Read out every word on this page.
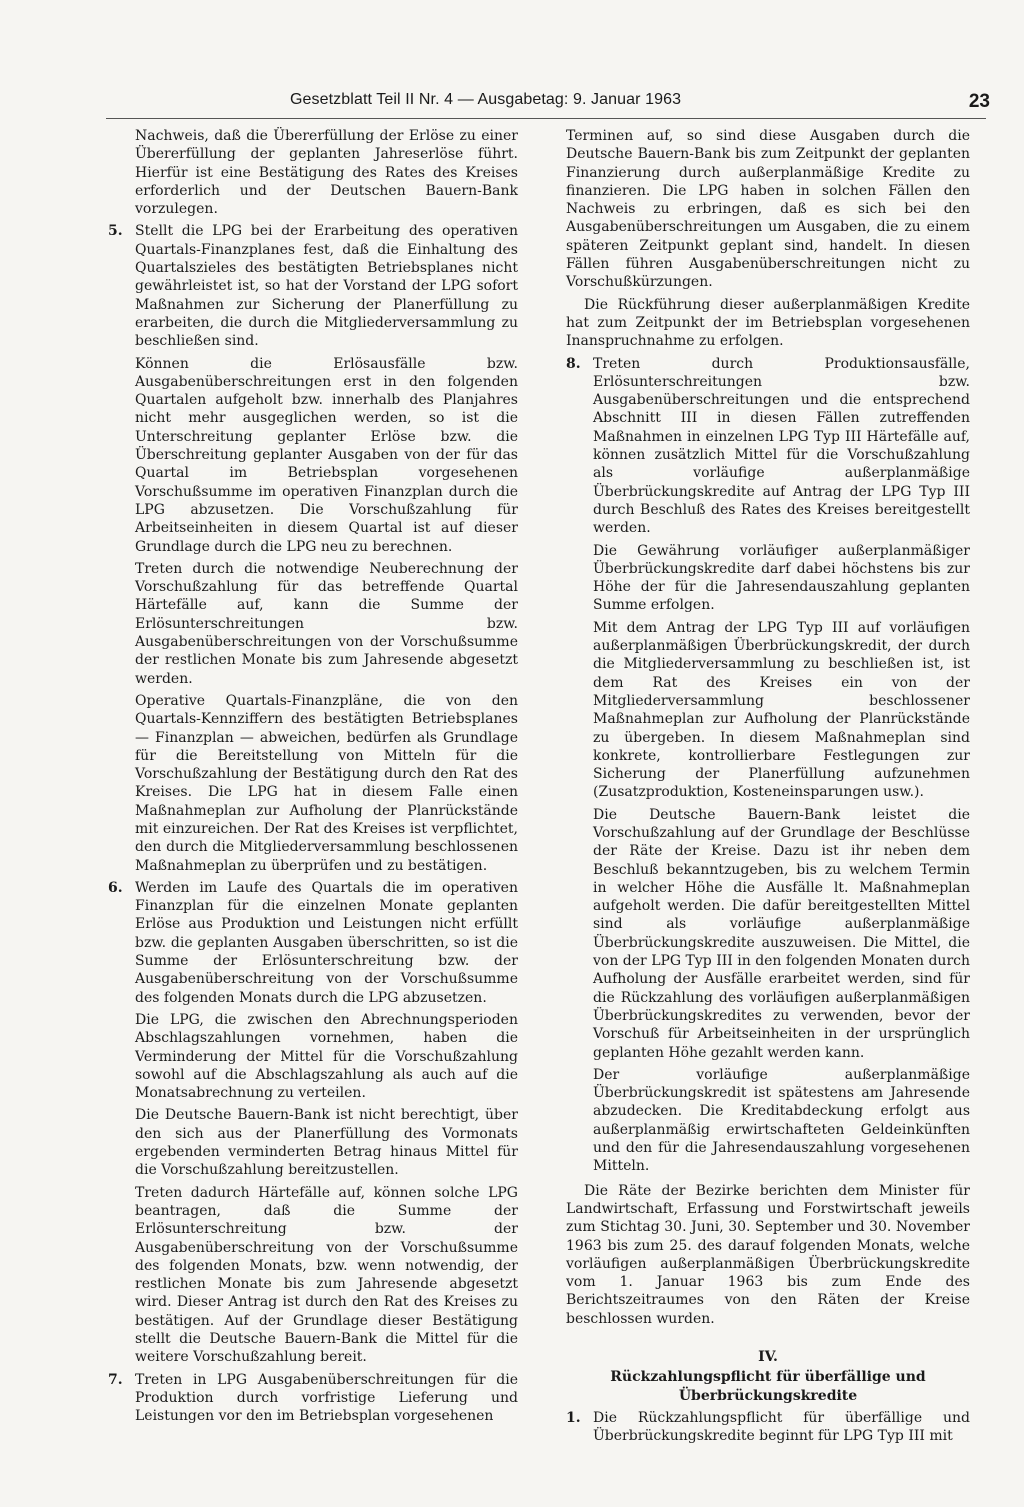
Gesetzblatt Teil II Nr. 4 — Ausgabetag: 9. Januar 1963	23

Nachweis, daß die Übererfüllung der Erlöse zu einer Übererfüllung der geplanten Jahreserlöse führt. Hierfür ist eine Bestätigung des Rates des Kreises erforderlich und der Deutschen Bauern-Bank vorzulegen.

5. Stellt die LPG bei der Erarbeitung des operativen Quartals-Finanzplanes fest, daß die Einhaltung des Quartalszieles des bestätigten Betriebsplanes nicht gewährleistet ist, so hat der Vorstand der LPG sofort Maßnahmen zur Sicherung der Planerfüllung zu erarbeiten, die durch die Mitgliederversammlung zu beschließen sind.

Können die Erlösausfälle bzw. Ausgabenüberschreitungen erst in den folgenden Quartalen aufgeholt bzw. innerhalb des Planjahres nicht mehr ausgeglichen werden, so ist die Unterschreitung geplanter Erlöse bzw. die Überschreitung geplanter Ausgaben von der für das Quartal im Betriebsplan vorgesehenen Vorschußsumme im operativen Finanzplan durch die LPG abzusetzen. Die Vorschußzahlung für Arbeitseinheiten in diesem Quartal ist auf dieser Grundlage durch die LPG neu zu berechnen.

Treten durch die notwendige Neuberechnung der Vorschußzahlung für das betreffende Quartal Härtefälle auf, kann die Summe der Erlösunterschreitungen bzw. Ausgabenüberschreitungen von der Vorschußsumme der restlichen Monate bis zum Jahresende abgesetzt werden.

Operative Quartals-Finanzpläne, die von den Quartals-Kennziffern des bestätigten Betriebsplanes — Finanzplan — abweichen, bedürfen als Grundlage für die Bereitstellung von Mitteln für die Vorschußzahlung der Bestätigung durch den Rat des Kreises. Die LPG hat in diesem Falle einen Maßnahmeplan zur Aufholung der Planrückstände mit einzureichen. Der Rat des Kreises ist verpflichtet, den durch die Mitgliederversammlung beschlossenen Maßnahmeplan zu überprüfen und zu bestätigen.

6. Werden im Laufe des Quartals die im operativen Finanzplan für die einzelnen Monate geplanten Erlöse aus Produktion und Leistungen nicht erfüllt bzw. die geplanten Ausgaben überschritten, so ist die Summe der Erlösunterschreitung bzw. der Ausgabenüberschreitung von der Vorschußsumme des folgenden Monats durch die LPG abzusetzen.

Die LPG, die zwischen den Abrechnungsperioden Abschlagszahlungen vornehmen, haben die Verminderung der Mittel für die Vorschußzahlung sowohl auf die Abschlagszahlung als auch auf die Monatsabrechnung zu verteilen.

Die Deutsche Bauern-Bank ist nicht berechtigt, über den sich aus der Planerfüllung des Vormonats ergebenden verminderten Betrag hinaus Mittel für die Vorschußzahlung bereitzustellen.

Treten dadurch Härtefälle auf, können solche LPG beantragen, daß die Summe der Erlösunterschreitung bzw. der Ausgabenüberschreitung von der Vorschußsumme des folgenden Monats, bzw. wenn notwendig, der restlichen Monate bis zum Jahresende abgesetzt wird. Dieser Antrag ist durch den Rat des Kreises zu bestätigen. Auf der Grundlage dieser Bestätigung stellt die Deutsche Bauern-Bank die Mittel für die weitere Vorschußzahlung bereit.

7. Treten in LPG Ausgabenüberschreitungen für die Produktion durch vorfristige Lieferung und Leistungen vor den im Betriebsplan vorgesehenen

Terminen auf, so sind diese Ausgaben durch die Deutsche Bauern-Bank bis zum Zeitpunkt der geplanten Finanzierung durch außerplanmäßige Kredite zu finanzieren. Die LPG haben in solchen Fällen den Nachweis zu erbringen, daß es sich bei den Ausgabenüberschreitungen um Ausgaben, die zu einem späteren Zeitpunkt geplant sind, handelt. In diesen Fällen führen Ausgabenüberschreitungen nicht zu Vorschußkürzungen.

Die Rückführung dieser außerplanmäßigen Kredite hat zum Zeitpunkt der im Betriebsplan vorgesehenen Inanspruchnahme zu erfolgen.

8. Treten durch Produktionsausfälle, Erlösunterschreitungen bzw. Ausgabenüberschreitungen und die entsprechend Abschnitt III in diesen Fällen zutreffenden Maßnahmen in einzelnen LPG Typ III Härtefälle auf, können zusätzlich Mittel für die Vorschußzahlung als vorläufige außerplanmäßige Überbrückungskredite auf Antrag der LPG Typ III durch Beschluß des Rates des Kreises bereitgestellt werden.

Die Gewährung vorläufiger außerplanmäßiger Überbrückungskredite darf dabei höchstens bis zur Höhe der für die Jahresendauszahlung geplanten Summe erfolgen.

Mit dem Antrag der LPG Typ III auf vorläufigen außerplanmäßigen Überbrückungskredit, der durch die Mitgliederversammlung zu beschließen ist, ist dem Rat des Kreises ein von der Mitgliederversammlung beschlossener Maßnahmeplan zur Aufholung der Planrückstände zu übergeben. In diesem Maßnahmeplan sind konkrete, kontrollierbare Festlegungen zur Sicherung der Planerfüllung aufzunehmen (Zusatzproduktion, Kosteneinsparungen usw.).

Die Deutsche Bauern-Bank leistet die Vorschußzahlung auf der Grundlage der Beschlüsse der Räte der Kreise. Dazu ist ihr neben dem Beschluß bekanntzugeben, bis zu welchem Termin in welcher Höhe die Ausfälle lt. Maßnahmeplan aufgeholt werden. Die dafür bereitgestellten Mittel sind als vorläufige außerplanmäßige Überbrückungskredite auszuweisen. Die Mittel, die von der LPG Typ III in den folgenden Monaten durch Aufholung der Ausfälle erarbeitet werden, sind für die Rückzahlung des vorläufigen außerplanmäßigen Überbrückungskredites zu verwenden, bevor der Vorschuß für Arbeitseinheiten in der ursprünglich geplanten Höhe gezahlt werden kann.

Der vorläufige außerplanmäßige Überbrückungskredit ist spätestens am Jahresende abzudecken. Die Kreditabdeckung erfolgt aus außerplanmäßig erwirtschafteten Geldeinkünften und den für die Jahresendauszahlung vorgesehenen Mitteln.

Die Räte der Bezirke berichten dem Minister für Landwirtschaft, Erfassung und Forstwirtschaft jeweils zum Stichtag 30. Juni, 30. September und 30. November 1963 bis zum 25. des darauf folgenden Monats, welche vorläufigen außerplanmäßigen Überbrückungskredite vom 1. Januar 1963 bis zum Ende des Berichtszeitraumes von den Räten der Kreise beschlossen wurden.

IV.
Rückzahlungspflicht für überfällige und Überbrückungskredite
1. Die Rückzahlungspflicht für überfällige und Überbrückungskredite beginnt für LPG Typ III mit
